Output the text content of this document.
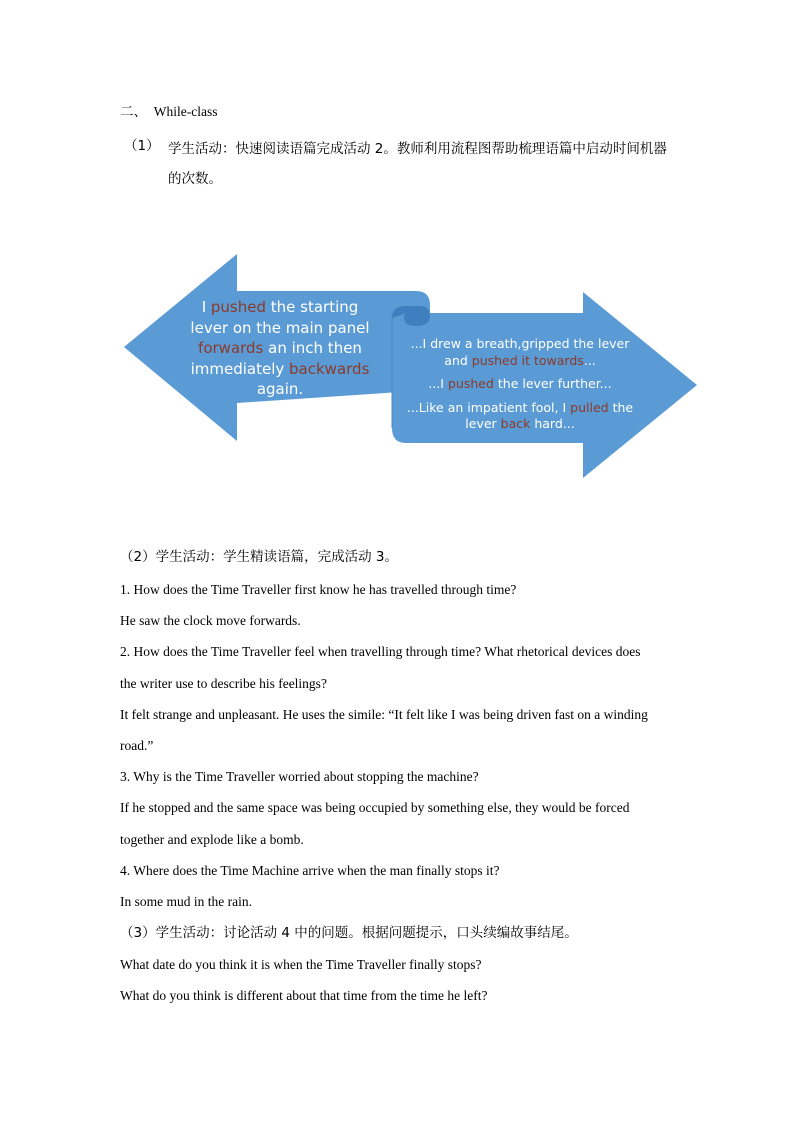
二、 While-class
（1） 学生活动：快速阅读语篇完成活动 2。教师利用流程图帮助梳理语篇中启动时间机器的次数。
I pushed the starting lever on the main panel forwards an inch then immediately backwards again.
...I drew a breath,gripped the lever and pushed it towards...
...I pushed the lever further...
...Like an impatient fool, I pulled the lever back hard...
（2）学生活动：学生精读语篇，完成活动 3。
1. How does the Time Traveller first know he has travelled through time?
He saw the clock move forwards.
2. How does the Time Traveller feel when travelling through time? What rhetorical devices does
the writer use to describe his feelings?
It felt strange and unpleasant. He uses the simile: “It felt like I was being driven fast on a winding
road.”
3. Why is the Time Traveller worried about stopping the machine?
If he stopped and the same space was being occupied by something else, they would be forced
together and explode like a bomb.
4. Where does the Time Machine arrive when the man finally stops it?
In some mud in the rain.
（3）学生活动：讨论活动 4 中的问题。根据问题提示，口头续编故事结尾。
What date do you think it is when the Time Traveller finally stops?
What do you think is different about that time from the time he left?
